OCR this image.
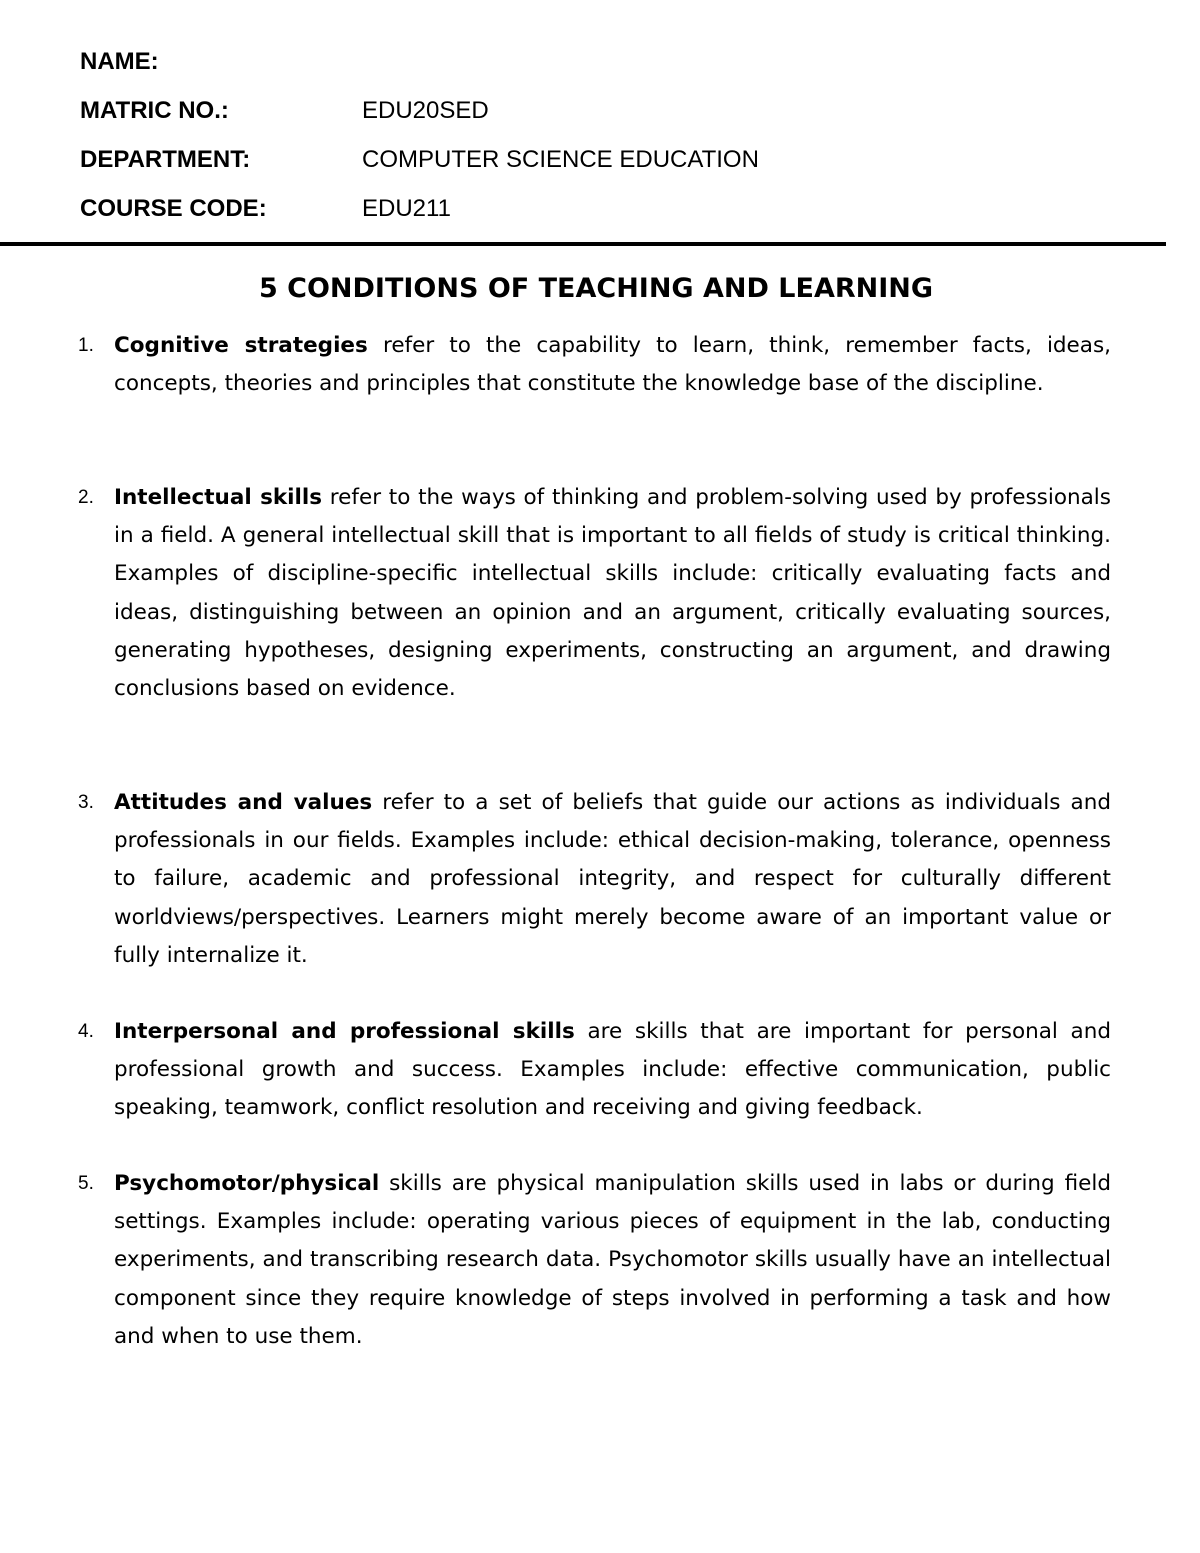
NAME:
MATRIC NO.:	EDU20SED
DEPARTMENT:	COMPUTER SCIENCE EDUCATION
COURSE CODE:	EDU211
5 CONDITIONS OF TEACHING AND LEARNING
1. Cognitive strategies refer to the capability to learn, think, remember facts, ideas, concepts, theories and principles that constitute the knowledge base of the discipline.
2. Intellectual skills refer to the ways of thinking and problem-solving used by professionals in a field. A general intellectual skill that is important to all fields of study is critical thinking. Examples of discipline-specific intellectual skills include: critically evaluating facts and ideas, distinguishing between an opinion and an argument, critically evaluating sources, generating hypotheses, designing experiments, constructing an argument, and drawing conclusions based on evidence.
3. Attitudes and values refer to a set of beliefs that guide our actions as individuals and professionals in our fields. Examples include: ethical decision-making, tolerance, openness to failure, academic and professional integrity, and respect for culturally different worldviews/perspectives. Learners might merely become aware of an important value or fully internalize it.
4. Interpersonal and professional skills are skills that are important for personal and professional growth and success. Examples include: effective communication, public speaking, teamwork, conflict resolution and receiving and giving feedback.
5. Psychomotor/physical skills are physical manipulation skills used in labs or during field settings. Examples include: operating various pieces of equipment in the lab, conducting experiments, and transcribing research data. Psychomotor skills usually have an intellectual component since they require knowledge of steps involved in performing a task and how and when to use them.
